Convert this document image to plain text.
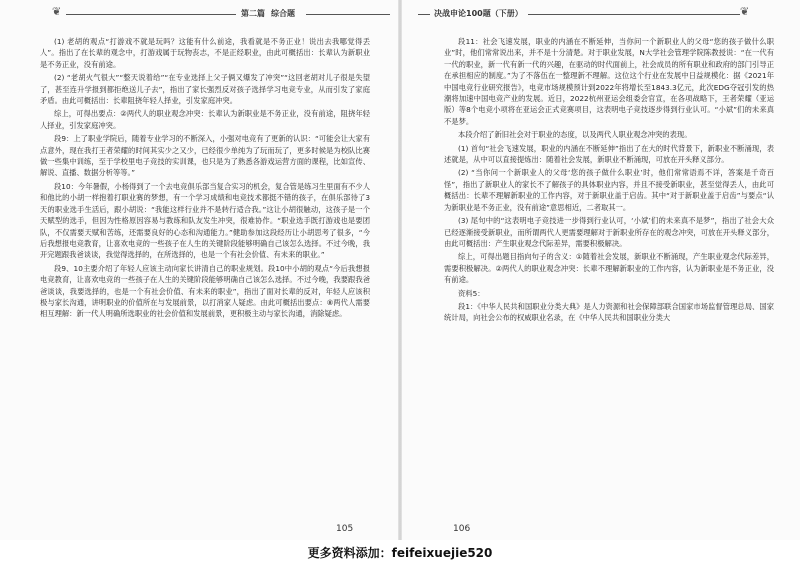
❦	第二篇 综合题	决战申论100题（下册）	❦

(1) 老胡的观点“打游戏不就是玩吗？这能有什么前途，我看就是不务正业！说出去我哪觉得丢人”。指出了在长辈的观念中，打游戏属于玩物丧志，不是正经职业，由此可概括出：长辈认为新职业是不务正业，没有前途。

(2) “老胡火气很大”“整天说着给”“在专业选择上父子俩又爆发了冲突”“这回老胡对儿子很是失望了，甚至连升学报到都拒绝送儿子去”，指出了家长强烈反对孩子选择学习电竞专业，从而引发了家庭矛盾。由此可概括出：长辈阻挠年轻人择业，引发家庭冲突。

综上，可得出要点：②两代人的职业观念冲突：长辈认为新职业是不务正业，没有前途，阻挠年轻人择业，引发家庭冲突。

段9：上了职业学院后，随着专业学习的不断深入，小强对电竞有了更新的认识：“可能会让大家有点意外，现在我打王者荣耀的时间其实少之又少，已经很少单纯为了玩而玩了，更多时候是为校队比赛做一些集中训练，至于学校里电子竞技的实训课，也只是为了熟悉各游戏运营方面的课程，比如宣传、解说、直播、数据分析等等。”

段10：今年暑假，小杨得到了一个去电竞俱乐部当复合实习的机会，复合管是练习生里面有不少人和他比的小胡一样抱着打职业赛的梦想，有一个学习成绩和电竞技术都挺不错的孩子，在俱乐部待了3天的职业选手生活后，跟小胡说：“我能这样行业并不是转行适合我。”这让小胡很触动，这孩子是一个天赋型的选手，但因为性格原因容易与教练和队友发生冲突，很难协作。“职业选手既打游戏也是要团队，不仅需要天赋和苦练，还需要良好的心态和沟通能力。”健助参加这段经历让小胡思考了很多，“今后我想报电竞教育，让喜欢电竞的一些孩子在人生的关键阶段能够明确自己该怎么选择。不过今晚，我开完题跟我爸谈谈，我觉得选择的，在所选择的，也是一个有社会价值、有未来的职业。”

段9、10主要介绍了年轻人应该主动向家长讲清自己的职业规划。段10中小胡的观点“今后我想报电竞教育，让喜欢电竞的一些孩子在人生的关键阶段能够明确自己该怎么选择。不过今晚，我要跟我爸爸谈谈，我要选择的，也是一个有社会价值、有未来的职业”，指出了面对长辈的反对，年轻人应该积极与家长沟通，讲明职业的价值所在与发展前景，以打消家人疑虑。由此可概括出要点：⑧两代人需要相互理解：新一代人明确所选职业的社会价值和发展前景，更积极主动与家长沟通，消除疑虑。

105

段11：社会飞速发展，职业的内涵在不断延伸，当你问一个新职业人的父母“您的孩子做什么职业”时，他们常常说出来，并不是十分清楚。对于职业发展，N大学社会管理学院陈教授说：“在一代有一代的职业，新一代有新一代的兴趣，在驱动的时代面前上，社会成员的所有职业和政府的部门引导正在承担相应的制度。”为了不落伍在一整理新不理解。这位这个行业在发展中日益规模化：据《2021年中国电竞行业研究报告》，电竞市场规模预计到2022年将增长至1843.3亿元，此次EDG夺冠引发的热潮将加速中国电竞产业的发展。近日，2022杭州亚运会组委会官宣，在各项战略下，王者荣耀（亚运版）等8个电竞小项将在亚运会正式竞赛项目，这表明电子竞技逐步得到行业认可。“小斌”们的未来真不是梦。

本段介绍了新旧社会对于职业的态度，以及两代人职业观念冲突的表现。

(1) 首句“社会飞速发展，职业的内涵在不断延伸”指出了在大的时代背景下，新职业不断涌现，表述就是，从中可以直接提炼出：随着社会发展，新职业不断涌现，可放在开头释义部分。

(2) “当你问一个新职业人的父母‘您的孩子做什么职业’时，他们常常语焉不详，答案是千奇百怪”，指出了新职业人的家长不了解孩子的具体职业内容，并且不接受新职业，甚至觉得丢人，由此可概括出：长辈不理解新职业的工作内容，对于新职业盖于启齿。其中“对于新职业盖于启齿”与要点“认为新职业是不务正业，没有前途”意思相近，二者取其一。

(3) 尾句中的“这表明电子竞技进一步得到行业认可，‘小斌’们的未来真不是梦”，指出了社会大众已经逐渐接受新职业，而所谓两代人更需要理解对于新职业所存在的观念冲突，可放在开头释义部分，由此可概括出：产生职业观念代际差异，需要积极解决。

综上，可得出题目指向句子的含义：①随着社会发展，新职业不断涌现，产生职业观念代际差异，需要积极解决。②两代人的职业观念冲突：长辈不理解新职业的工作内容，认为新职业是不务正业，没有前途。

资料5：

段1：《中华人民共和国职业分类大典》是人力资源和社会保障部联合国家市场监督管理总局、国家统计局，向社会公布的权威职业名录，在《中华人民共和国职业分类大

106
更多资料添加：feifeixuejie520
